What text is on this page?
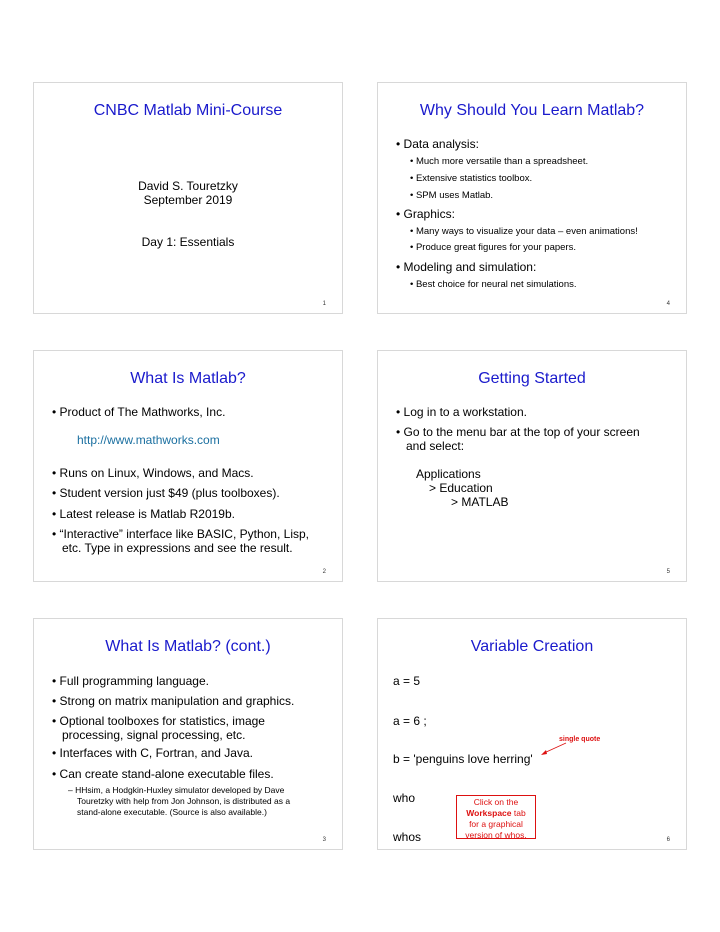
CNBC Matlab Mini-Course
David S. Touretzky
September 2019
Day 1: Essentials
1
Why Should You Learn Matlab?
• Data analysis:
• Much more versatile than a spreadsheet.
• Extensive statistics toolbox.
• SPM uses Matlab.
• Graphics:
• Many ways to visualize your data – even animations!
• Produce great figures for your papers.
• Modeling and simulation:
• Best choice for neural net simulations.
4
What Is Matlab?
• Product of The Mathworks, Inc.
http://www.mathworks.com
• Runs on Linux, Windows, and Macs.
• Student version just $49 (plus toolboxes).
• Latest release is Matlab R2019b.
• “Interactive” interface like BASIC, Python, Lisp,
etc. Type in expressions and see the result.
2
Getting Started
• Log in to a workstation.
• Go to the menu bar at the top of your screen
and select:
Applications
> Education
> MATLAB
5
What Is Matlab? (cont.)
• Full programming language.
• Strong on matrix manipulation and graphics.
• Optional toolboxes for statistics, image
processing, signal processing, etc.
• Interfaces with C, Fortran, and Java.
• Can create stand-alone executable files.
– HHsim, a Hodgkin-Huxley simulator developed by Dave
Touretzky with help from Jon Johnson, is distributed as a
stand-alone executable. (Source is also available.)
3
Variable Creation
a = 5
a = 6 ;
single quote
b = 'penguins love herring'
who	Click on the
Workspace tab
for a graphical
version of whos.
whos	6
